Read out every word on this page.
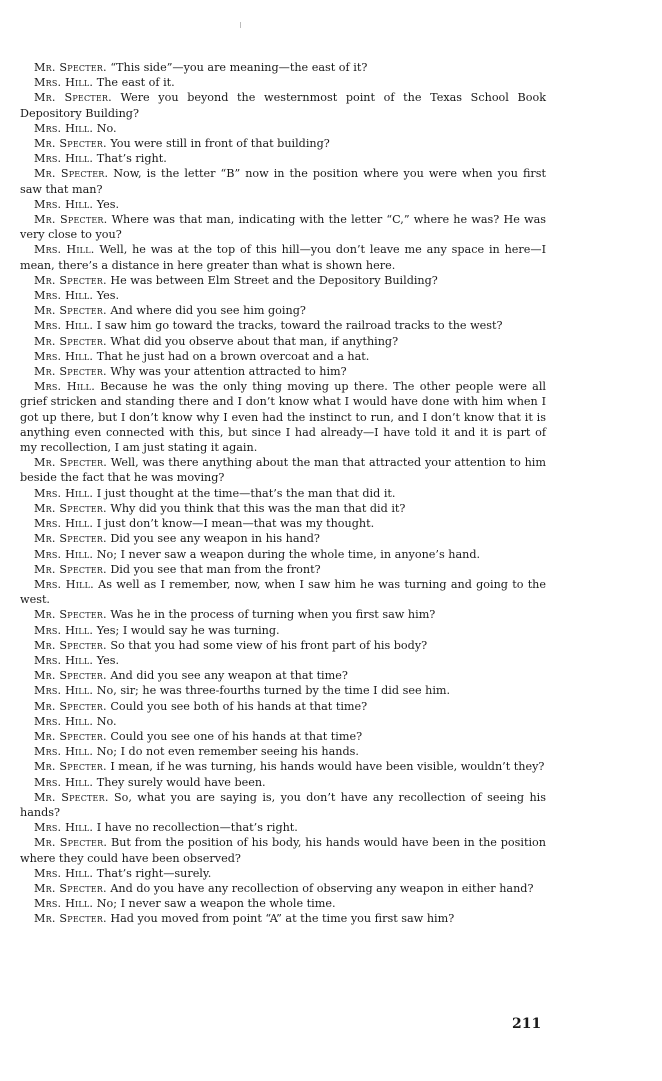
Mr. Specter. “This side”—you are meaning—the east of it?

Mrs. Hill. The east of it.

Mr. Specter. Were you beyond the westernmost point of the Texas School Book Depository Building?

Mrs. Hill. No.

Mr. Specter. You were still in front of that building?

Mrs. Hill. That’s right.

Mr. Specter. Now, is the letter “B” now in the position where you were when you first saw that man?

Mrs. Hill. Yes.

Mr. Specter. Where was that man, indicating with the letter “C,” where he was? He was very close to you?

Mrs. Hill. Well, he was at the top of this hill—you don’t leave me any space in here—I mean, there’s a distance in here greater than what is shown here.

Mr. Specter. He was between Elm Street and the Depository Building?

Mrs. Hill. Yes.

Mr. Specter. And where did you see him going?

Mrs. Hill. I saw him go toward the tracks, toward the railroad tracks to the west?

Mr. Specter. What did you observe about that man, if anything?

Mrs. Hill. That he just had on a brown overcoat and a hat.

Mr. Specter. Why was your attention attracted to him?

Mrs. Hill. Because he was the only thing moving up there. The other people were all grief stricken and standing there and I don’t know what I would have done with him when I got up there, but I don’t know why I even had the instinct to run, and I don’t know that it is anything even connected with this, but since I had already—I have told it and it is part of my recollection, I am just stating it again.

Mr. Specter. Well, was there anything about the man that attracted your attention to him beside the fact that he was moving?

Mrs. Hill. I just thought at the time—that’s the man that did it.

Mr. Specter. Why did you think that this was the man that did it?

Mrs. Hill. I just don’t know—I mean—that was my thought.

Mr. Specter. Did you see any weapon in his hand?

Mrs. Hill. No; I never saw a weapon during the whole time, in anyone’s hand.

Mr. Specter. Did you see that man from the front?

Mrs. Hill. As well as I remember, now, when I saw him he was turning and going to the west.

Mr. Specter. Was he in the process of turning when you first saw him?

Mrs. Hill. Yes; I would say he was turning.

Mr. Specter. So that you had some view of his front part of his body?

Mrs. Hill. Yes.

Mr. Specter. And did you see any weapon at that time?

Mrs. Hill. No, sir; he was three-fourths turned by the time I did see him.

Mr. Specter. Could you see both of his hands at that time?

Mrs. Hill. No.

Mr. Specter. Could you see one of his hands at that time?

Mrs. Hill. No; I do not even remember seeing his hands.

Mr. Specter. I mean, if he was turning, his hands would have been visible, wouldn’t they?

Mrs. Hill. They surely would have been.

Mr. Specter. So, what you are saying is, you don’t have any recollection of seeing his hands?

Mrs. Hill. I have no recollection—that’s right.

Mr. Specter. But from the position of his body, his hands would have been in the position where they could have been observed?

Mrs. Hill. That’s right—surely.

Mr. Specter. And do you have any recollection of observing any weapon in either hand?

Mrs. Hill. No; I never saw a weapon the whole time.

Mr. Specter. Had you moved from point “A” at the time you first saw him?

211
